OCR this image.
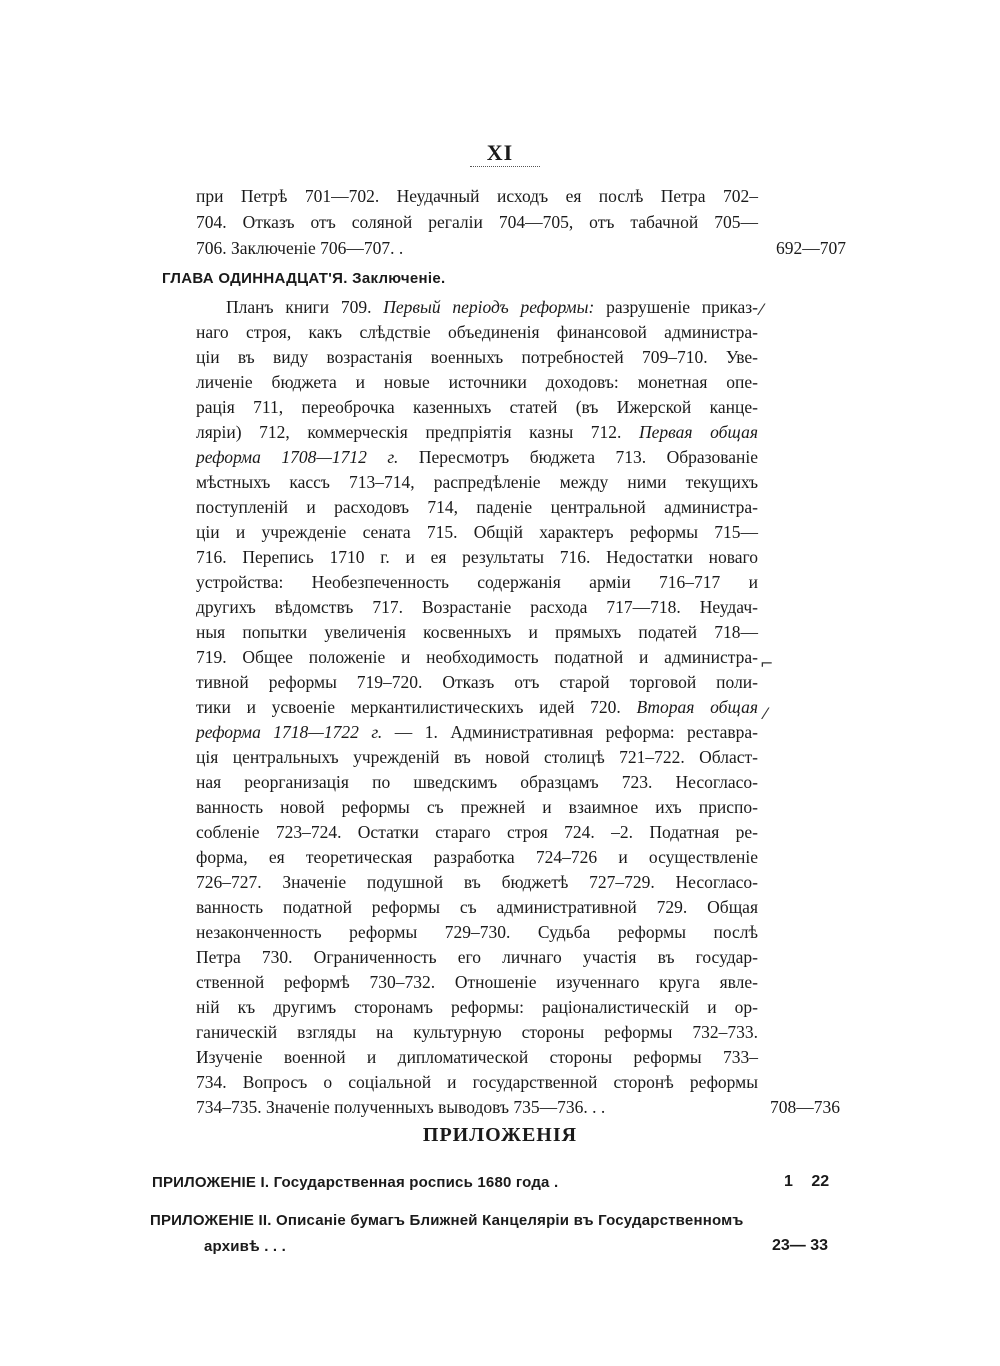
XI
при Петрѣ 701—702. Неудачный исходъ ея послѣ Петра 702–
704. Отказъ отъ соляной регаліи 704—705, отъ табачной 705—
706. Заключеніе 706—707. .	692—707
ГЛАВА ОДИННАДЦАТ'Я. Заключеніе.
Планъ книги 709. Первый періодъ реформы: разрушеніе приказ-
наго строя, какъ слѣдствіе объединенія финансовой администра-
ціи въ виду возрастанія военныхъ потребностей 709–710. Уве-
личеніе бюджета и новые источники доходовъ: монетная опе-
рація 711, переоброчка казенныхъ статей (въ Ижерской канце-
ляріи) 712, коммерческія предпріятія казны 712. Первая общая
реформа 1708—1712 г. Пересмотръ бюджета 713. Образованіе
мѣстныхъ кассъ 713–714, распредѣленіе между ними текущихъ
поступленій и расходовъ 714, паденіе центральной администра-
ціи и учрежденіе сената 715. Общій характеръ реформы 715—
716. Перепись 1710 г. и ея результаты 716. Недостатки новаго
устройства: Необезпеченность содержанія арміи 716–717 и
другихъ вѣдомствъ 717. Возрастаніе расхода 717—718. Неудач-
ныя попытки увеличенія косвенныхъ и прямыхъ податей 718—
719. Общее положеніе и необходимость податной и администра-
тивной реформы 719–720. Отказъ отъ старой торговой поли-
тики и усвоеніе меркантилистическихъ идей 720. Вторая общая
реформа 1718—1722 г. — 1. Административная реформа: реставра-
ція центральныхъ учрежденій въ новой столицѣ 721–722. Област-
ная реорганизація по шведскимъ образцамъ 723. Несогласо-
ванность новой реформы съ прежней и взаимное ихъ приспо-
собленіе 723–724. Остатки стараго строя 724. –2. Податная ре-
форма, ея теоретическая разработка 724–726 и осуществленіе
726–727. Значеніе подушной въ бюджетѣ 727–729. Несогласо-
ванность податной реформы съ административной 729. Общая
незаконченность реформы 729–730. Судьба реформы послѣ
Петра 730. Ограниченность его личнаго участія въ государ-
ственной реформѣ 730–732. Отношеніе изученнаго круга явле-
ній къ другимъ сторонамъ реформы: раціоналистическій и ор-
ганическій взгляды на культурную стороны реформы 732–733.
Изученіе военной и дипломатической стороны реформы 733–
734. Вопросъ о соціальной и государственной сторонѣ реформы
734–735. Значеніе полученныхъ выводовъ 735—736. . .	708—736
⁄
⌐
⁄
ПРИЛОЖЕНІЯ
ПРИЛОЖЕНІЕ І. Государственная роспись 1680 года .	1 22
ПРИЛОЖЕНІЕ II. Описаніе бумагъ Ближней Канцеляріи въ Государственномъ
архивѣ . . .	23— 33
